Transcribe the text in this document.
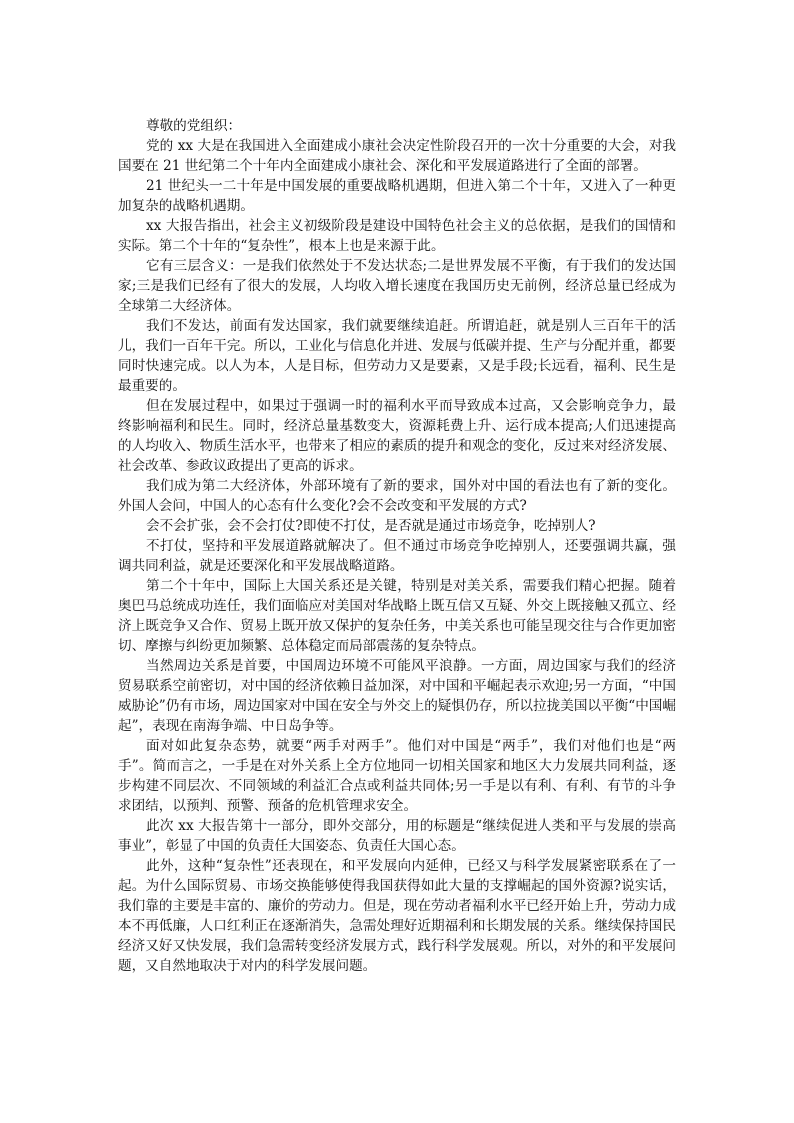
尊敬的党组织：

党的 xx 大是在我国进入全面建成小康社会决定性阶段召开的一次十分重要的大会，对我国要在 21 世纪第二个十年内全面建成小康社会、深化和平发展道路进行了全面的部署。

21 世纪头一二十年是中国发展的重要战略机遇期，但进入第二个十年，又进入了一种更加复杂的战略机遇期。

xx 大报告指出，社会主义初级阶段是建设中国特色社会主义的总依据，是我们的国情和实际。第二个十年的“复杂性”，根本上也是来源于此。

它有三层含义：一是我们依然处于不发达状态;二是世界发展不平衡，有于我们的发达国家;三是我们已经有了很大的发展，人均收入增长速度在我国历史无前例，经济总量已经成为全球第二大经济体。

我们不发达，前面有发达国家，我们就要继续追赶。所谓追赶，就是别人三百年干的活儿，我们一百年干完。所以，工业化与信息化并进、发展与低碳并提、生产与分配并重，都要同时快速完成。以人为本，人是目标，但劳动力又是要素，又是手段;长远看，福利、民生是最重要的。

但在发展过程中，如果过于强调一时的福利水平而导致成本过高，又会影响竞争力，最终影响福利和民生。同时，经济总量基数变大，资源耗费上升、运行成本提高;人们迅速提高的人均收入、物质生活水平，也带来了相应的素质的提升和观念的变化，反过来对经济发展、社会改革、参政议政提出了更高的诉求。

我们成为第二大经济体，外部环境有了新的要求，国外对中国的看法也有了新的变化。外国人会问，中国人的心态有什么变化?会不会改变和平发展的方式?

会不会扩张，会不会打仗?即使不打仗，是否就是通过市场竞争，吃掉别人?

不打仗，坚持和平发展道路就解决了。但不通过市场竞争吃掉别人，还要强调共赢，强调共同利益，就是还要深化和平发展战略道路。

第二个十年中，国际上大国关系还是关键，特别是对美关系，需要我们精心把握。随着奥巴马总统成功连任，我们面临应对美国对华战略上既互信又互疑、外交上既接触又孤立、经济上既竞争又合作、贸易上既开放又保护的复杂任务，中美关系也可能呈现交往与合作更加密切、摩擦与纠纷更加频繁、总体稳定而局部震荡的复杂特点。

当然周边关系是首要，中国周边环境不可能风平浪静。一方面，周边国家与我们的经济贸易联系空前密切，对中国的经济依赖日益加深，对中国和平崛起表示欢迎;另一方面，“中国威胁论”仍有市场，周边国家对中国在安全与外交上的疑惧仍存，所以拉拢美国以平衡“中国崛起”，表现在南海争端、中日岛争等。

面对如此复杂态势，就要“两手对两手”。他们对中国是“两手”，我们对他们也是“两手”。简而言之，一手是在对外关系上全方位地同一切相关国家和地区大力发展共同利益，逐步构建不同层次、不同领域的利益汇合点或利益共同体;另一手是以有利、有利、有节的斗争求团结，以预判、预警、预备的危机管理求安全。

此次 xx 大报告第十一部分，即外交部分，用的标题是“继续促进人类和平与发展的崇高事业”，彰显了中国的负责任大国姿态、负责任大国心态。

此外，这种“复杂性”还表现在，和平发展向内延伸，已经又与科学发展紧密联系在了一起。为什么国际贸易、市场交换能够使得我国获得如此大量的支撑崛起的国外资源?说实话，我们靠的主要是丰富的、廉价的劳动力。但是，现在劳动者福利水平已经开始上升，劳动力成本不再低廉，人口红利正在逐渐消失，急需处理好近期福利和长期发展的关系。继续保持国民经济又好又快发展，我们急需转变经济发展方式，践行科学发展观。所以，对外的和平发展问题，又自然地取决于对内的科学发展问题。
